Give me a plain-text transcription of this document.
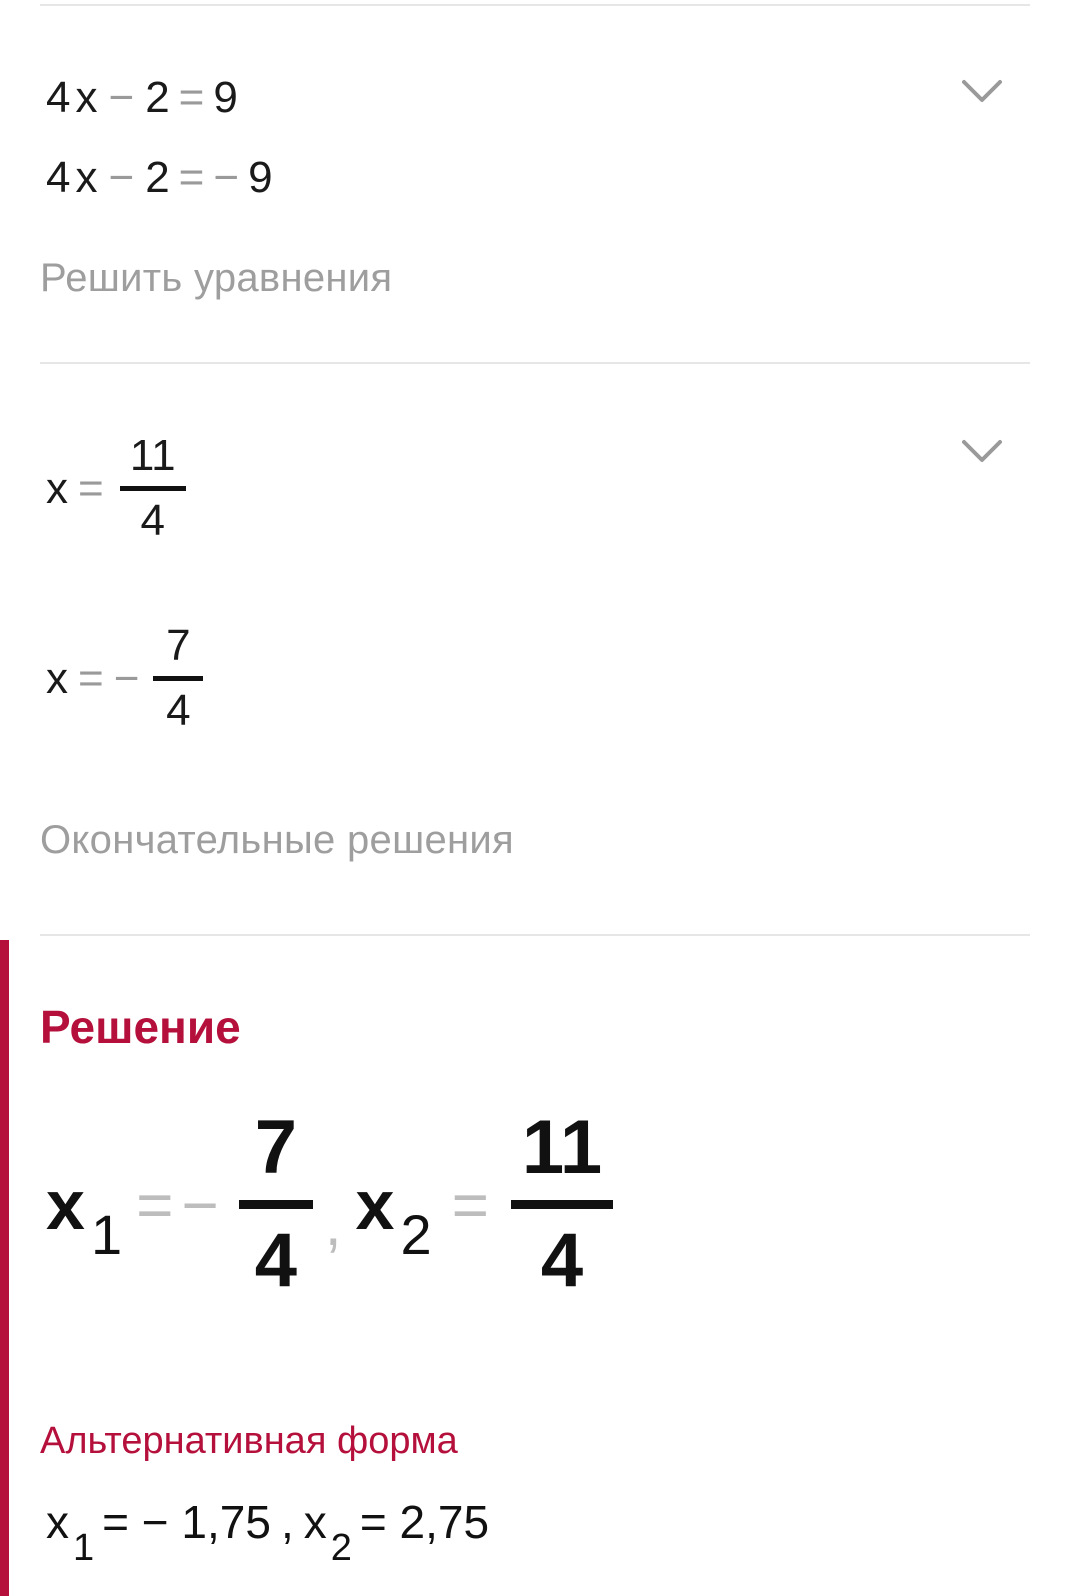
4 x − 2 = 9
4 x − 2 = − 9
Решить уравнения
x =
11
4
x = −
7
4
Окончательные решения
Решение
x 1 = −
7
4 , x 2 =
11
4
Альтернативная форма
x 1 = − 1,75 , x 2 = 2,75
